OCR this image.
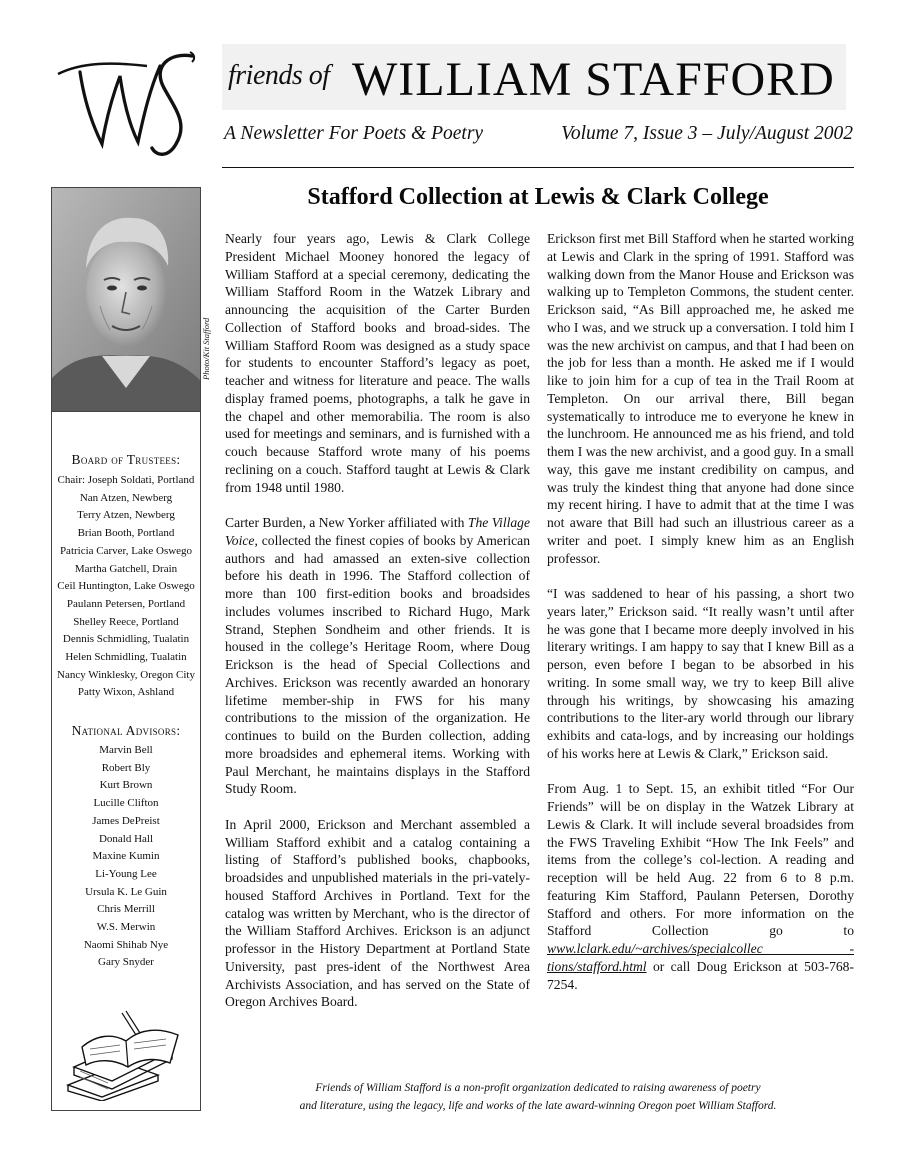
friends of WILLIAM STAFFORD
A Newsletter For Poets & Poetry	Volume 7, Issue 3 – July/August 2002
Board of Trustees:
Chair: Joseph Soldati, Portland
Nan Atzen, Newberg
Terry Atzen, Newberg
Brian Booth, Portland
Patricia Carver, Lake Oswego
Martha Gatchell, Drain
Ceil Huntington, Lake Oswego
Paulann Petersen, Portland
Shelley Reece, Portland
Dennis Schmidling, Tualatin
Helen Schmidling, Tualatin
Nancy Winklesky, Oregon City
Patty Wixon, Ashland
National Advisors:
Marvin Bell
Robert Bly
Kurt Brown
Lucille Clifton
James DePreist
Donald Hall
Maxine Kumin
Li-Young Lee
Ursula K. Le Guin
Chris Merrill
W.S. Merwin
Naomi Shihab Nye
Gary Snyder
Photo/Kit Stafford
Stafford Collection at Lewis & Clark College

Nearly four years ago, Lewis & Clark College President Michael Mooney honored the legacy of William Stafford at a special ceremony, dedicating the William Stafford Room in the Watzek Library and announcing the acquisition of the Carter Burden Collection of Stafford books and broad-sides. The William Stafford Room was designed as a study space for students to encounter Stafford’s legacy as poet, teacher and witness for literature and peace. The walls display framed poems, photographs, a talk he gave in the chapel and other memorabilia. The room is also used for meetings and seminars, and is furnished with a couch because Stafford wrote many of his poems reclining on a couch. Stafford taught at Lewis & Clark from 1948 until 1980.

Carter Burden, a New Yorker affiliated with The Village Voice, collected the finest copies of books by American authors and had amassed an exten-sive collection before his death in 1996. The Stafford collection of more than 100 first-edition books and broadsides includes volumes inscribed to Richard Hugo, Mark Strand, Stephen Sondheim and other friends. It is housed in the college’s Heritage Room, where Doug Erickson is the head of Special Collections and Archives. Erickson was recently awarded an honorary lifetime member-ship in FWS for his many contributions to the mission of the organization. He continues to build on the Burden collection, adding more broadsides and ephemeral items. Working with Paul Merchant, he maintains displays in the Stafford Study Room.

In April 2000, Erickson and Merchant assembled a William Stafford exhibit and a catalog containing a listing of Stafford’s published books, chapbooks, broadsides and unpublished materials in the pri-vately-housed Stafford Archives in Portland. Text for the catalog was written by Merchant, who is the director of the William Stafford Archives. Erickson is an adjunct professor in the History Department at Portland State University, past pres-ident of the Northwest Area Archivists Association, and has served on the State of Oregon Archives Board.

Erickson first met Bill Stafford when he started working at Lewis and Clark in the spring of 1991. Stafford was walking down from the Manor House and Erickson was walking up to Templeton Commons, the student center. Erickson said, “As Bill approached me, he asked me who I was, and we struck up a conversation. I told him I was the new archivist on campus, and that I had been on the job for less than a month. He asked me if I would like to join him for a cup of tea in the Trail Room at Templeton. On our arrival there, Bill began systematically to introduce me to everyone he knew in the lunchroom. He announced me as his friend, and told them I was the new archivist, and a good guy. In a small way, this gave me instant credibility on campus, and was truly the kindest thing that anyone had done since my recent hiring. I have to admit that at the time I was not aware that Bill had such an illustrious career as a writer and poet. I simply knew him as an English professor.

“I was saddened to hear of his passing, a short two years later,” Erickson said. “It really wasn’t until after he was gone that I became more deeply involved in his literary writings. I am happy to say that I knew Bill as a person, even before I began to be absorbed in his writing. In some small way, we try to keep Bill alive through his writings, by showcasing his amazing contributions to the liter-ary world through our library exhibits and cata-logs, and by increasing our holdings of his works here at Lewis & Clark,” Erickson said.

From Aug. 1 to Sept. 15, an exhibit titled “For Our Friends” will be on display in the Watzek Library at Lewis & Clark. It will include several broadsides from the FWS Traveling Exhibit “How The Ink Feels” and items from the college’s col-lection. A reading and reception will be held Aug. 22 from 6 to 8 p.m. featuring Kim Stafford, Paulann Petersen, Dorothy Stafford and others. For more information on the Stafford Collection go to www.lclark.edu/~archives/specialcollec -tions/stafford.html or call Doug Erickson at 503-768-7254.

Friends of William Stafford is a non-profit organization dedicated to raising awareness of poetry
and literature, using the legacy, life and works of the late award-winning Oregon poet William Stafford.
